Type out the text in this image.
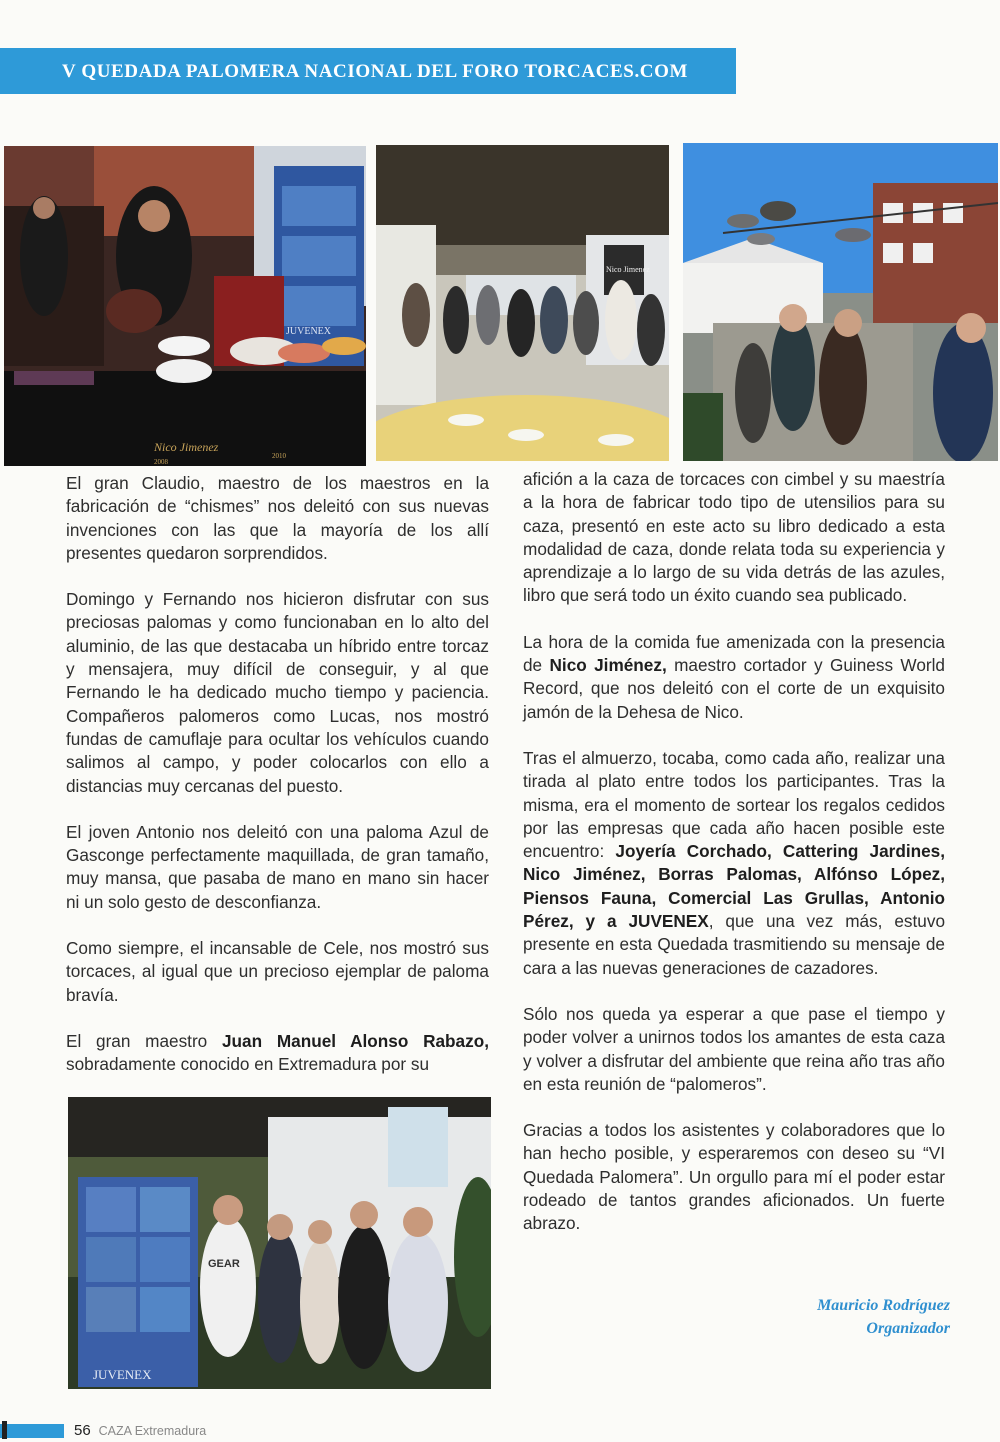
V QUEDADA PALOMERA NACIONAL DEL FORO TORCACES.COM
Nico Jimenez
2008
2010
JUVENEX
Nico Jimenez

El gran Claudio, maestro de los maestros en la fabricación de “chismes” nos deleitó con sus nuevas invenciones con las que la mayoría de los allí presentes quedaron sorprendidos.

Domingo y Fernando nos hicieron disfrutar con sus preciosas palomas y como funcionaban en lo alto del aluminio, de las que destacaba un híbrido entre torcaz y mensajera, muy difícil de conseguir, y al que Fernando le ha dedicado mucho tiempo y paciencia. Compañeros palomeros como Lucas, nos mostró fundas de camuflaje para ocultar los vehículos cuando salimos al campo, y poder colocarlos con ello a distancias muy cercanas del puesto.

El joven Antonio nos deleitó con una paloma Azul de Gasconge perfectamente maquillada, de gran tamaño, muy mansa, que pasaba de mano en mano sin hacer ni un solo gesto de desconfianza.

Como siempre, el incansable de Cele, nos mostró sus torcaces, al igual que un precioso ejemplar de paloma bravía.

El gran maestro Juan Manuel Alonso Rabazo, sobradamente conocido en Extremadura por su

JUVENEX
GEAR

afición a la caza de torcaces con cimbel y su maestría a la hora de fabricar todo tipo de utensilios para su caza, presentó en este acto su libro dedicado a esta modalidad de caza, donde relata toda su experiencia y aprendizaje a lo largo de su vida detrás de las azules, libro que será todo un éxito cuando sea publicado.

La hora de la comida fue amenizada con la presencia de Nico Jiménez, maestro cortador y Guiness World Record, que nos deleitó con el corte de un exquisito jamón de la Dehesa de Nico.

Tras el almuerzo, tocaba, como cada año, realizar una tirada al plato entre todos los participantes. Tras la misma, era el momento de sortear los regalos cedidos por las empresas que cada año hacen posible este encuentro: Joyería Corchado, Cattering Jardines, Nico Jiménez, Borras Palomas, Alfónso López, Piensos Fauna, Comercial Las Grullas, Antonio Pérez, y a JUVENEX, que una vez más, estuvo presente en esta Quedada trasmitiendo su mensaje de cara a las nuevas generaciones de cazadores.

Sólo nos queda ya esperar a que pase el tiempo y poder volver a unirnos todos los amantes de esta caza y volver a disfrutar del ambiente que reina año tras año en esta reunión de “palomeros”.

Gracias a todos los asistentes y colaboradores que lo han hecho posible, y esperaremos con deseo su “VI Quedada Palomera”. Un orgullo para mí el poder estar rodeado de tantos grandes aficionados. Un fuerte abrazo.

Mauricio Rodríguez
Organizador
56 CAZA Extremadura
